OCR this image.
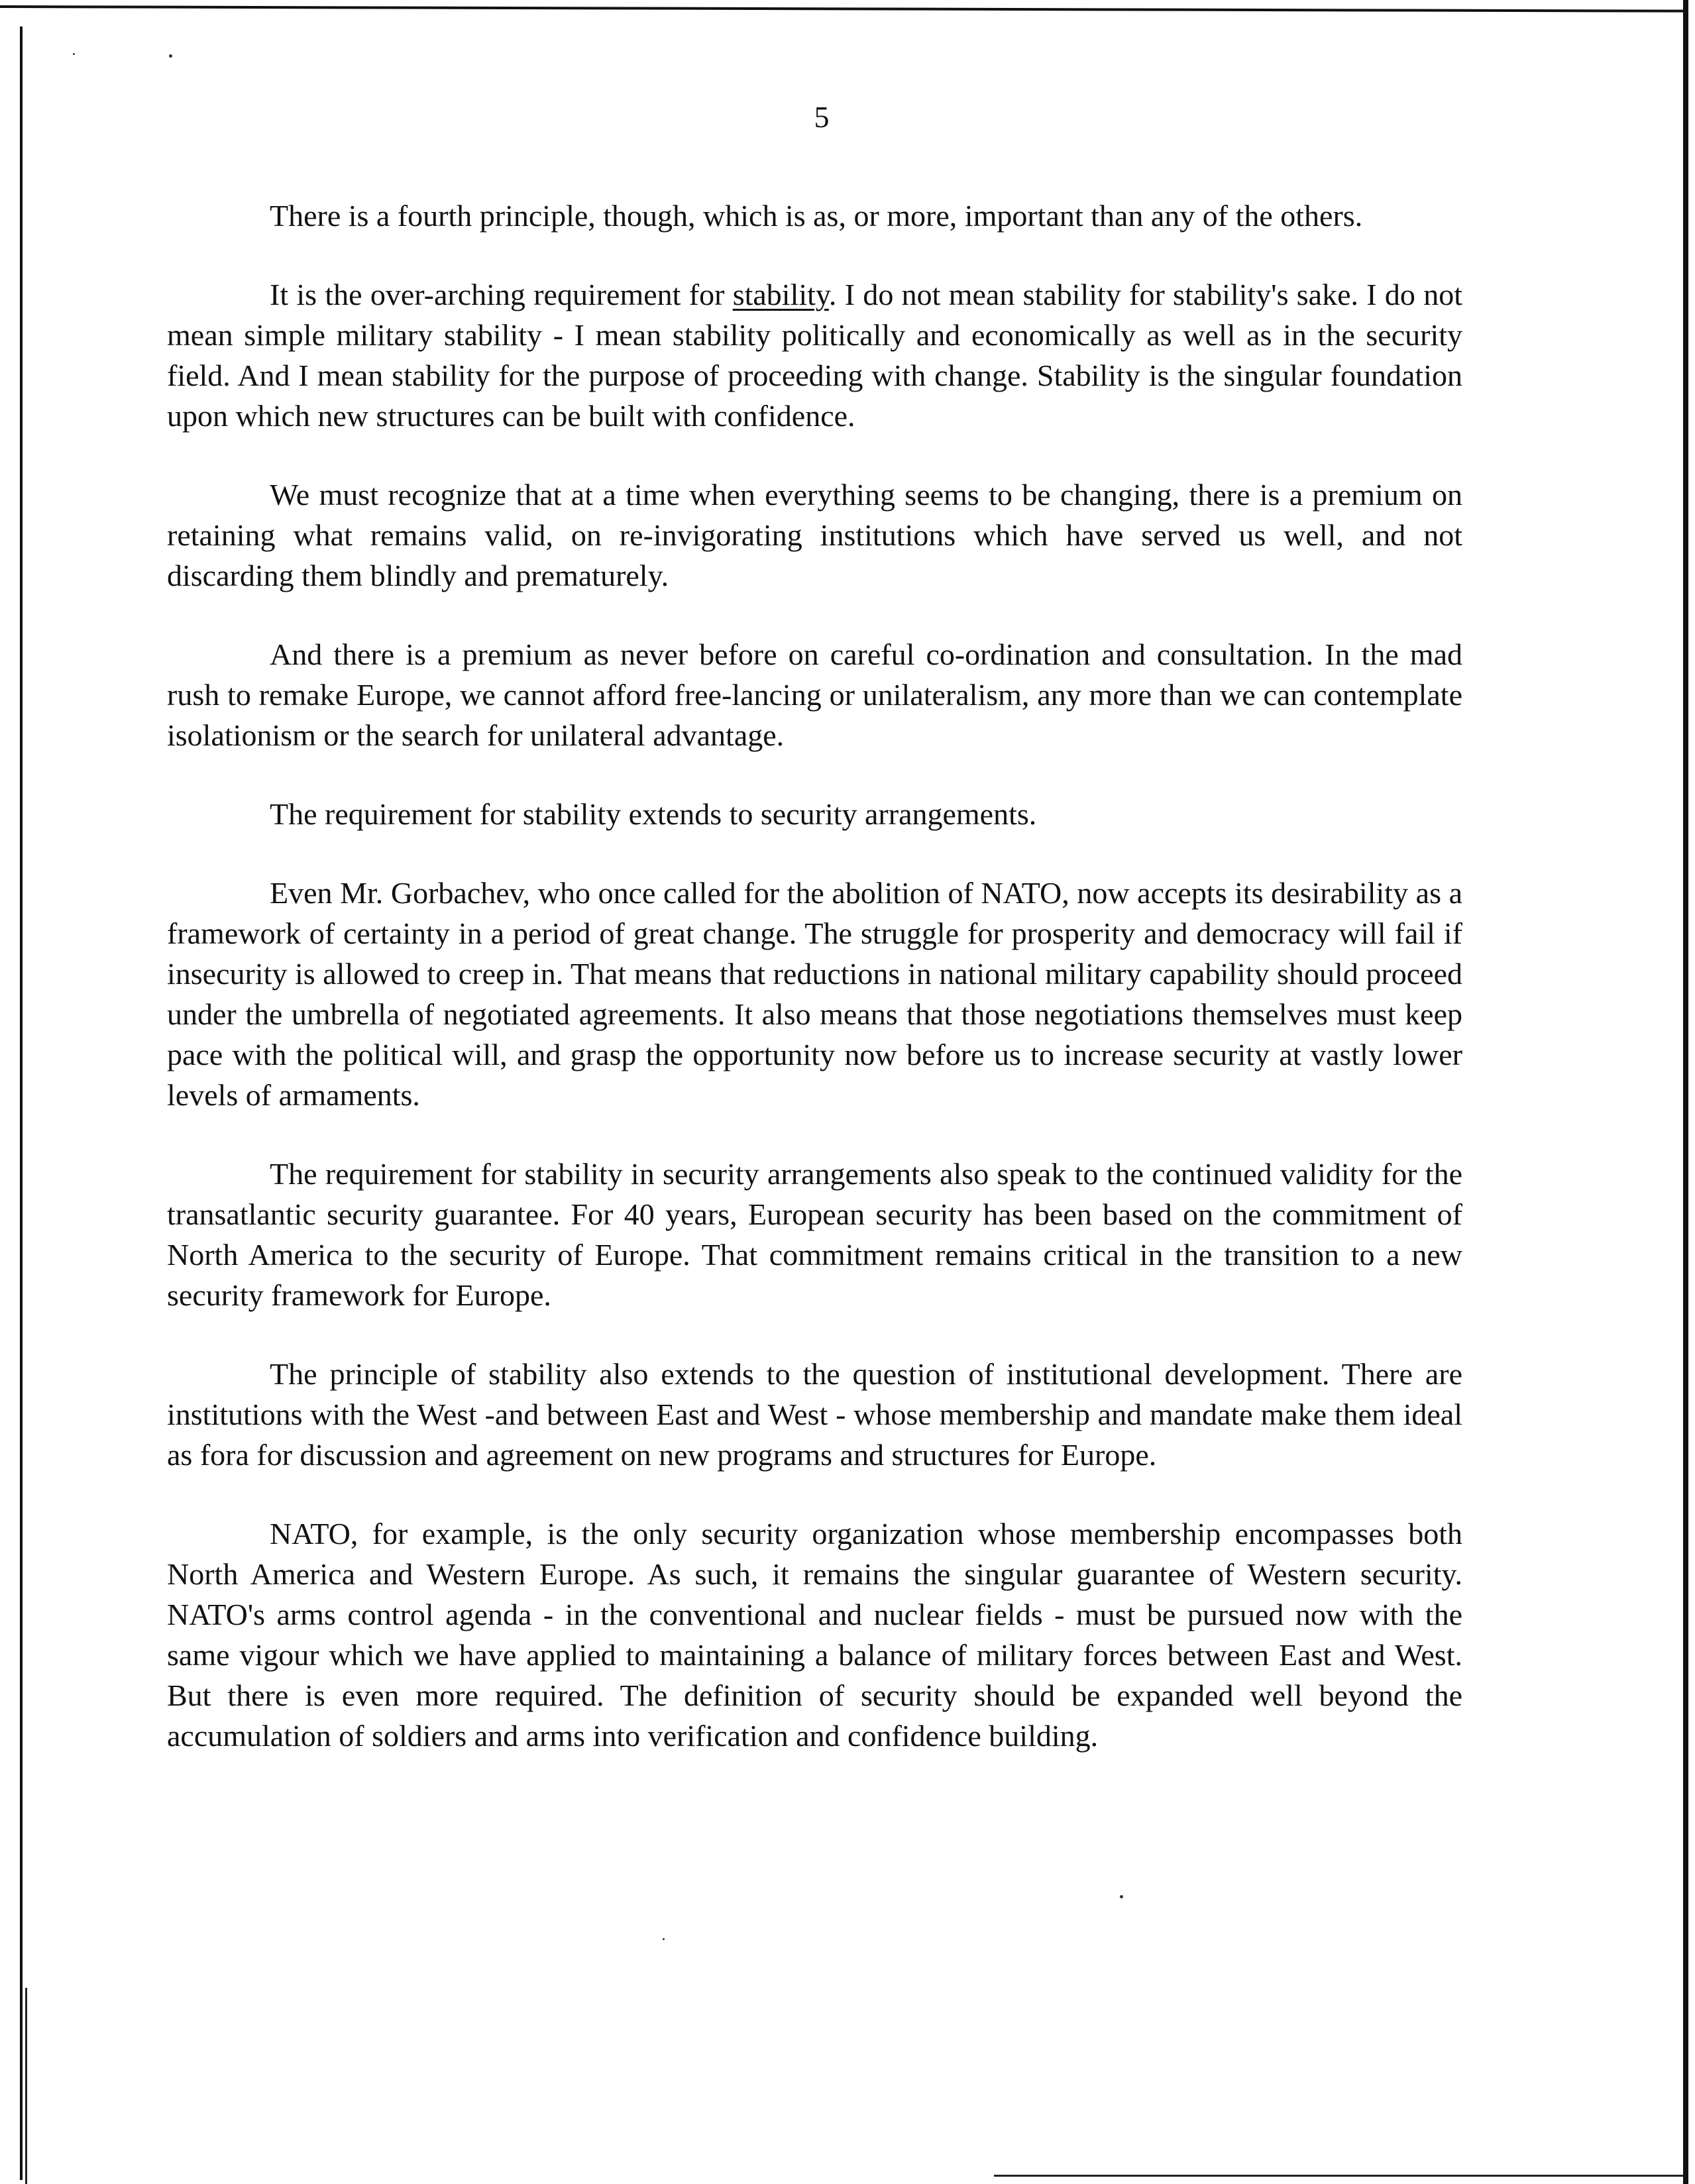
5

There is a fourth principle, though, which is as, or more, important than any of the others.

It is the over-arching requirement for stability. I do not mean stability for stability's sake. I do not mean simple military stability - I mean stability politically and economically as well as in the security field. And I mean stability for the purpose of proceeding with change. Stability is the singular foundation upon which new structures can be built with confidence.

We must recognize that at a time when everything seems to be changing, there is a premium on retaining what remains valid, on re-invigorating institutions which have served us well, and not discarding them blindly and prematurely.

And there is a premium as never before on careful co-ordination and consultation. In the mad rush to remake Europe, we cannot afford free-lancing or unilateralism, any more than we can contemplate isolationism or the search for unilateral advantage.

The requirement for stability extends to security arrangements.

Even Mr. Gorbachev, who once called for the abolition of NATO, now accepts its desirability as a framework of certainty in a period of great change. The struggle for prosperity and democracy will fail if insecurity is allowed to creep in. That means that reductions in national military capability should proceed under the umbrella of negotiated agreements. It also means that those negotiations themselves must keep pace with the political will, and grasp the opportunity now before us to increase security at vastly lower levels of armaments.

The requirement for stability in security arrangements also speak to the continued validity for the transatlantic security guarantee. For 40 years, European security has been based on the commitment of North America to the security of Europe. That commitment remains critical in the transition to a new security framework for Europe.

The principle of stability also extends to the question of institutional development. There are institutions with the West -and between East and West - whose membership and mandate make them ideal as fora for discussion and agreement on new programs and structures for Europe.

NATO, for example, is the only security organization whose membership encompasses both North America and Western Europe. As such, it remains the singular guarantee of Western security. NATO's arms control agenda - in the conventional and nuclear fields - must be pursued now with the same vigour which we have applied to maintaining a balance of military forces between East and West. But there is even more required. The definition of security should be expanded well beyond the accumulation of soldiers and arms into verification and confidence building.
